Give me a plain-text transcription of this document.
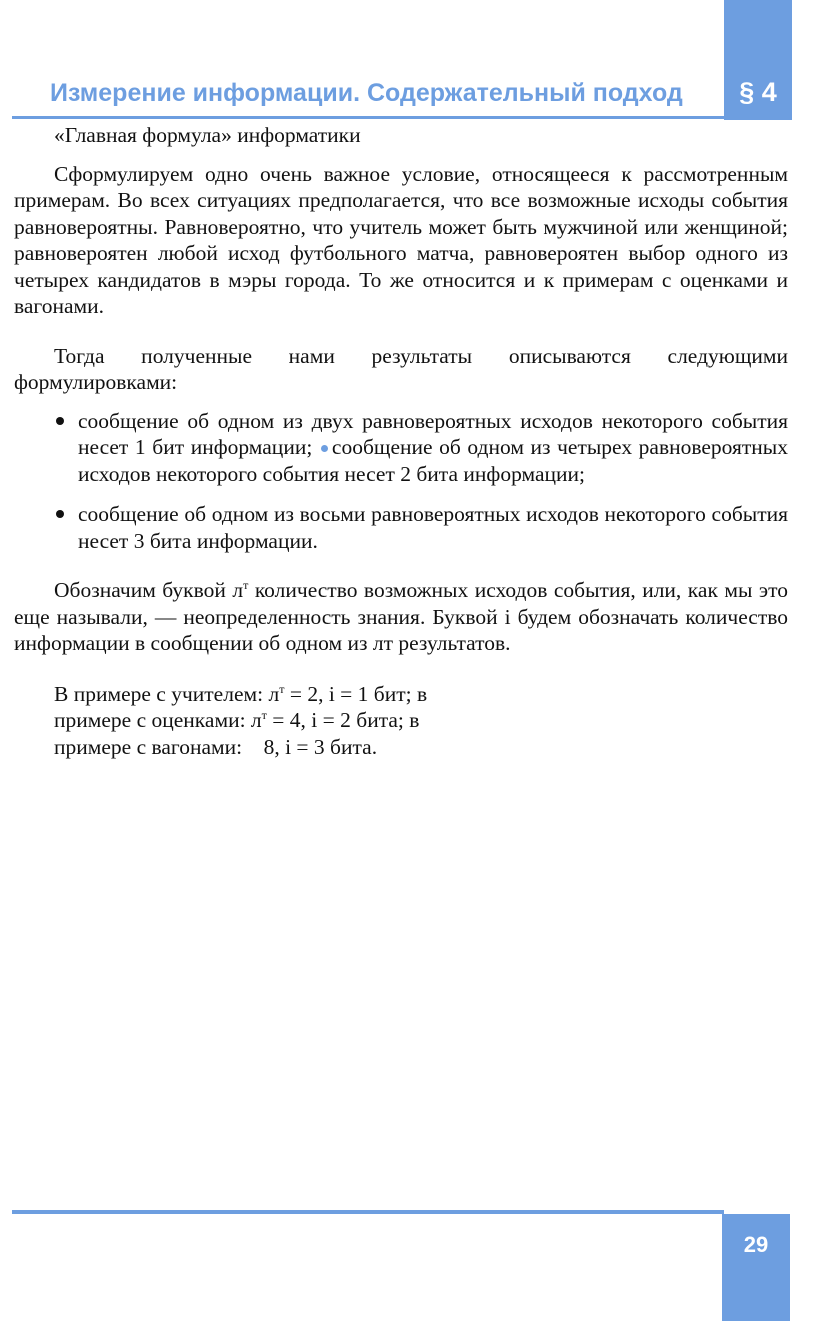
§ 4
Измерение информации. Содержательный подход
«Главная формула» информатики

Сформулируем одно очень важное условие, относящееся к рассмотренным примерам. Во всех ситуациях предполагается, что все возможные исходы события равновероятны. Равновероятно, что учитель может быть мужчиной или женщиной; равновероятен любой исход футбольного матча, равновероятен выбор одного из четырех кандидатов в мэры города. То же относится и к примерам с оценками и вагонами.

Тогда полученные нами результаты описываются следующими формулировками:

сообщение об одном из двух равновероятных исходов некоторого события несет 1 бит информации; сообщение об одном из четырех равновероятных исходов некоторого события несет 2 бита информации;
сообщение об одном из восьми равновероятных исходов некоторого события несет 3 бита информации.

Обозначим буквой $л^т$ количество возможных исходов события, или, как мы это еще называли, — неопределенность знания. Буквой i будем обозначать количество информации в сообщении об одном из лт результатов.

В примере с учителем: $л^т = 2$, i = 1 бит; в
примере с оценками: $л^т = 4$, i = 2 бита; в
примере с вагонами:    8, i = 3 бита.
29
